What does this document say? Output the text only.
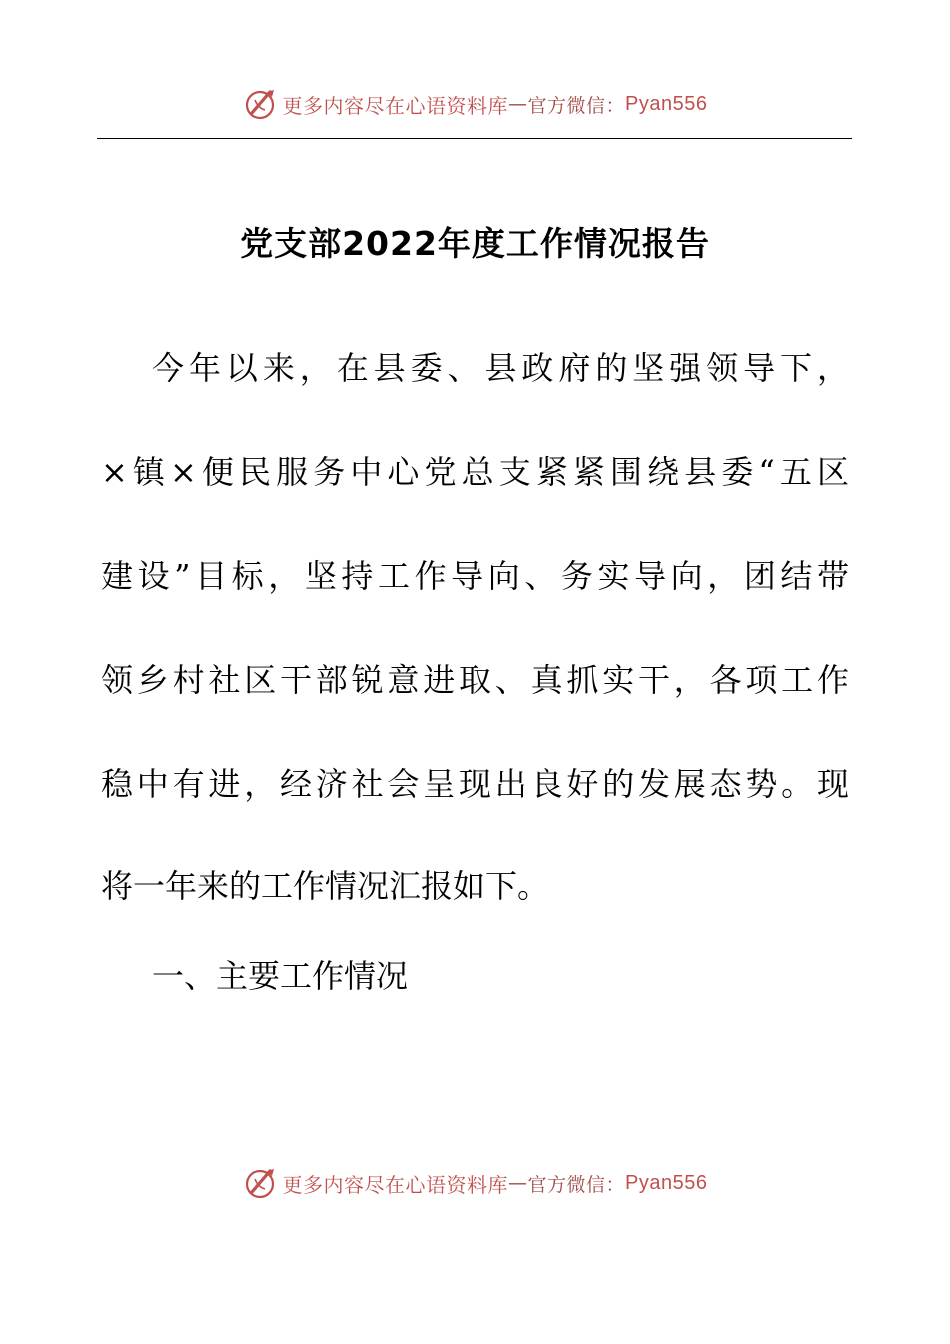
更多内容尽在心语资料库 — 官方微信： Pyan556
党支部2022年度工作情况报告
今年以来，在县委、县政府的坚强领导下，
×镇×便民服务中心党总支紧紧围绕县委“五区
建设”目标，坚持工作导向、务实导向，团结带
领乡村社区干部锐意进取、真抓实干，各项工作
稳中有进，经济社会呈现出良好的发展态势。现
将一年来的工作情况汇报如下。
一、主要工作情况
更多内容尽在心语资料库 — 官方微信： Pyan556
